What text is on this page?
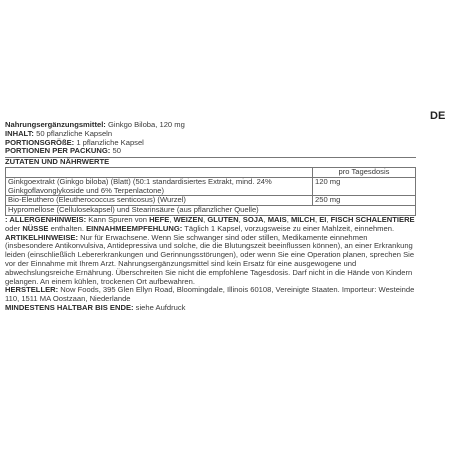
DE
Nahrungsergänzungsmittel: Ginkgo Biloba, 120 mg
INHALT: 50 pflanzliche Kapseln
PORTIONSGRÖßE: 1 pflanzliche Kapsel
PORTIONEN PER PACKUNG: 50
ZUTATEN UND NÄHRWERTE
	pro Tagesdosis
Ginkgoextrakt (Ginkgo biloba) (Blatt) (50:1 standardisiertes Extrakt, mind. 24% Ginkgoflavonglykoside und 6% Terpenlactone)	120 mg
Bio-Eleuthero (Eleutherococcus senticosus) (Wurzel)	250 mg
Hypromellose (Cellulosekapsel) und Stearinsäure (aus pflanzlicher Quelle)	
: ALLERGENHINWEIS: Kann Spuren von HEFE, WEIZEN, GLUTEN, SOJA, MAIS, MILCH, EI, FISCH SCHALENTIERE oder NÜSSE enthalten. EINNAHMEEMPFEHLUNG: Täglich 1 Kapsel, vorzugsweise zu einer Mahlzeit, einnehmen. ARTIKELHINWEISE: Nur für Erwachsene. Wenn Sie schwanger sind oder stillen, Medikamente einnehmen (insbesondere Antikonvulsiva, Antidepressiva und solche, die die Blutungszeit beeinflussen können), an einer Erkrankung leiden (einschließlich Lebererkrankungen und Gerinnungsstörungen), oder wenn Sie eine Operation planen, sprechen Sie vor der Einnahme mit Ihrem Arzt. Nahrungsergänzungsmittel sind kein Ersatz für eine ausgewogene und abwechslungsreiche Ernährung. Überschreiten Sie nicht die empfohlene Tagesdosis. Darf nicht in die Hände von Kindern gelangen. An einem kühlen, trockenen Ort aufbewahren.
HERSTELLER: Now Foods, 395 Glen Ellyn Road, Bloomingdale, Illinois 60108, Vereinigte Staaten. Importeur: Westeinde 110, 1511 MA Oostzaan, Niederlande
MINDESTENS HALTBAR BIS ENDE: siehe Aufdruck
